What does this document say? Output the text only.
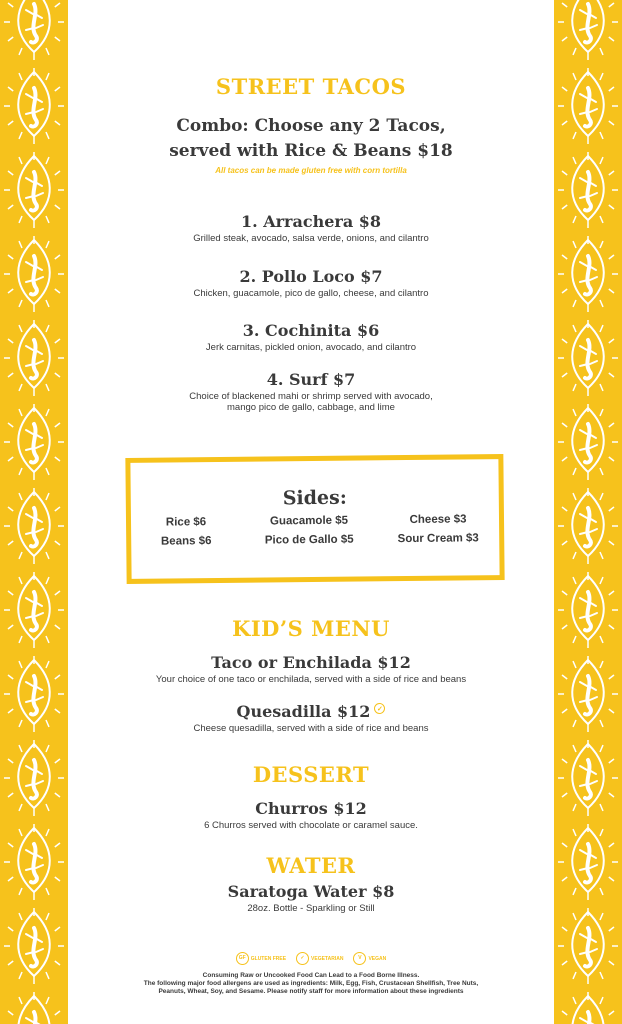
STREET TACOS
Combo: Choose any 2 Tacos,
served with Rice & Beans $18
All tacos can be made gluten free with corn tortilla
1. Arrachera $8
Grilled steak, avocado, salsa verde, onions, and cilantro
2. Pollo Loco $7
Chicken, guacamole, pico de gallo, cheese, and cilantro
3. Cochinita $6
Jerk carnitas, pickled onion, avocado, and cilantro
4. Surf $7
Choice of blackened mahi or shrimp served with avocado,
mango pico de gallo, cabbage, and lime
Sides:
Rice $6	Guacamole $5	Cheese $3
Beans $6	Pico de Gallo $5	Sour Cream $3
KID’S MENU
Taco or Enchilada $12
Your choice of one taco or enchilada, served with a side of rice and beans
Quesadilla $12 ✓
Cheese quesadilla, served with a side of rice and beans
DESSERT
Churros $12
6 Churros served with chocolate or caramel sauce.
WATER
Saratoga Water $8
28oz. Bottle - Sparkling or Still
GF	GLUTEN FREE	✓	VEGETARIAN	V	VEGAN
Consuming Raw or Uncooked Food Can Lead to a Food Borne Illness.
The following major food allergens are used as ingredients: Milk, Egg, Fish, Crustacean Shellfish, Tree Nuts,
Peanuts, Wheat, Soy, and Sesame. Please notify staff for more information about these ingredients
